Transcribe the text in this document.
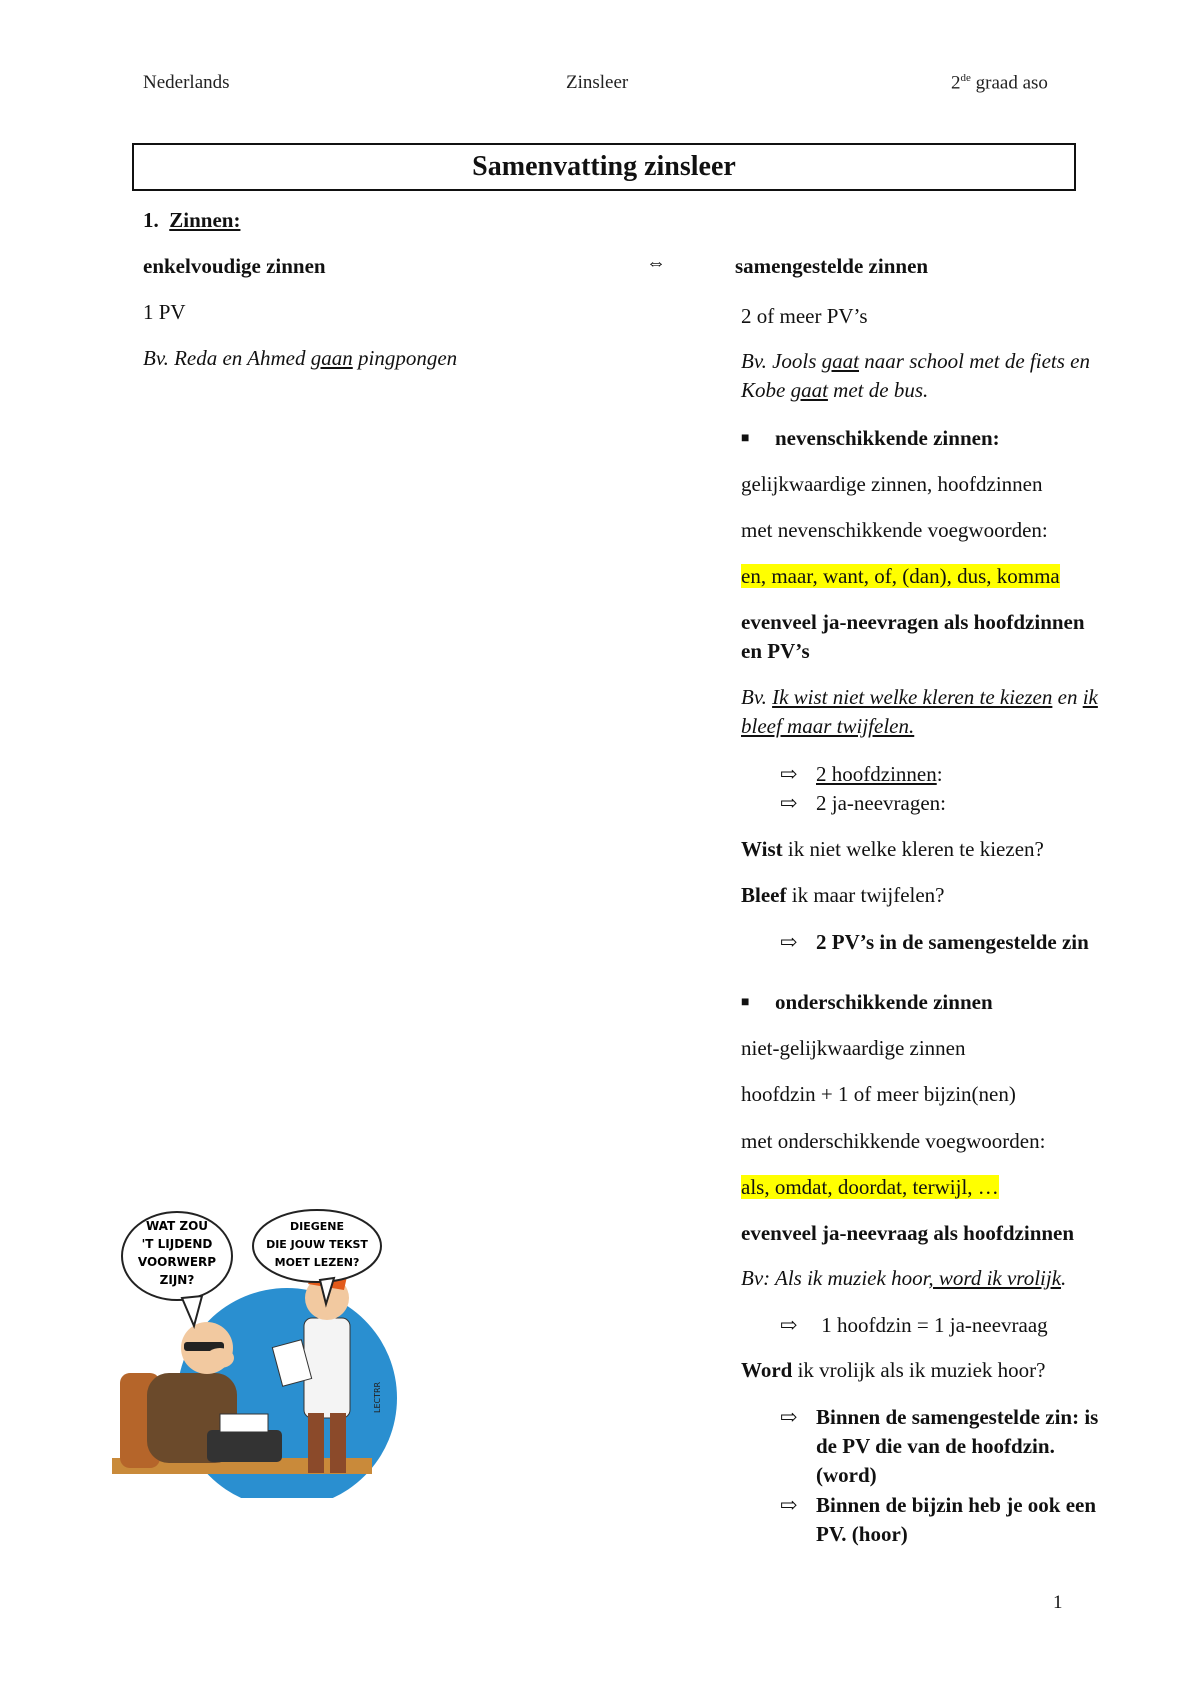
Nederlands	Zinsleer	2de graad aso
Samenvatting zinsleer
1. Zinnen:
enkelvoudige zinnen	⇔
1 PV
Bv. Reda en Ahmed gaan pingpongen
samengestelde zinnen
2 of meer PV’s
Bv. Jools gaat naar school met de fiets en
Kobe gaat met de bus.
■ nevenschikkende zinnen:
gelijkwaardige zinnen, hoofdzinnen
met nevenschikkende voegwoorden:
en, maar, want, of, (dan), dus, komma
evenveel ja-neevragen als hoofdzinnen
en PV’s
Bv. Ik wist niet welke kleren te kiezen en ik
bleef maar twijfelen.
⇨ 2 hoofdzinnen:
⇨ 2 ja-neevragen:
Wist ik niet welke kleren te kiezen?
Bleef ik maar twijfelen?
⇨ 2 PV’s in de samengestelde zin
■ onderschikkende zinnen
niet-gelijkwaardige zinnen
hoofdzin + 1 of meer bijzin(nen)
met onderschikkende voegwoorden:
als, omdat, doordat, terwijl, …
evenveel ja-neevraag als hoofdzinnen
Bv: Als ik muziek hoor, word ik vrolijk.
⇨ 1 hoofdzin = 1 ja-neevraag
Word ik vrolijk als ik muziek hoor?
⇨ Binnen de samengestelde zin: is
de PV die van de hoofdzin.
(word)
⇨ Binnen de bijzin heb je ook een
PV. (hoor)
WAT ZOU
'T LIJDEND
VOORWERP
ZIJN?
DIEGENE
DIE JOUW TEKST
MOET LEZEN?
LECTRR
1
